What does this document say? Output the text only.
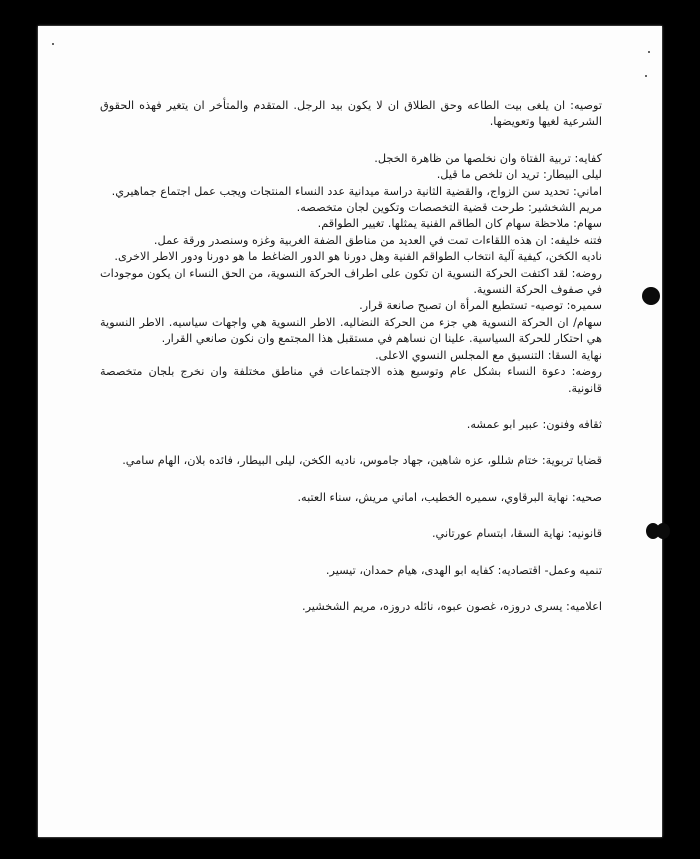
توصيه: ان يلغى بيت الطاعه وحق الطلاق ان لا يكون بيد الرجل. المتقدم والمتأخر ان يتغير فهذه الحقوق الشرعية لغيها وتعويضها.

كفايه: تربية الفتاة وان نخلصها من ظاهرة الخجل.

ليلى البيطار: تريد ان تلخص ما قيل.

اماني: تحديد سن الزواج، والقضية الثانية دراسة ميدانية عدد النساء المنتجات ويجب عمل اجتماع جماهيري.

مريم الشخشير: طرحت قضية التخصصات وتكوين لجان متخصصه.

سهام: ملاحظة سهام كان الطاقم الفنية يمثلها. تغيير الطواقم.

فتنه خليفه: ان هذه اللقاءات تمت في العديد من مناطق الضفة الغربية وغزه وسنصدر ورقة عمل.

ناديه الكخن، كيفية آلية انتخاب الطواقم الفنية وهل دورنا هو الدور الضاغط ما هو دورنا ودور الاطر الاخرى.

روضه: لقد اكتفت الحركة النسوية ان تكون على اطراف الحركة النسوية، من الحق النساء ان يكون موجودات في صفوف الحركة النسوية.

سميره: توصيه- تستطيع المرأة ان تصبح صانعة قرار.

سهام/ ان الحركة النسوية هي جزء من الحركة النضاليه. الاطر النسوية هي واجهات سياسيه. الاطر النسوية هي احتكار للحركة السياسية. علينا ان نساهم في مستقبل هذا المجتمع وان نكون صانعي القرار.

نهاية السقا: التنسيق مع المجلس النسوي الاعلى.

روضه: دعوة النساء بشكل عام وتوسيع هذه الاجتماعات في مناطق مختلفة وان نخرج بلجان متخصصة قانونية.

ثقافه وفنون: عبير ابو عمشه.

قضايا تربوية: ختام شللو، عزه شاهين، جهاد جاموس، ناديه الكخن، ليلى البيطار، فائده بلان، الهام سامي.

صحيه: نهاية البرقاوي، سميره الخطيب، اماني مريش، سناء العتبه.

قانونيه: نهاية السقا، ابتسام عورتاني.

تنميه وعمل- اقتصاديه: كفايه ابو الهدى، هيام حمدان، تيسير.

اعلاميه: يسرى دروزه، غصون عبوه، نائله دروزه، مريم الشخشير.
